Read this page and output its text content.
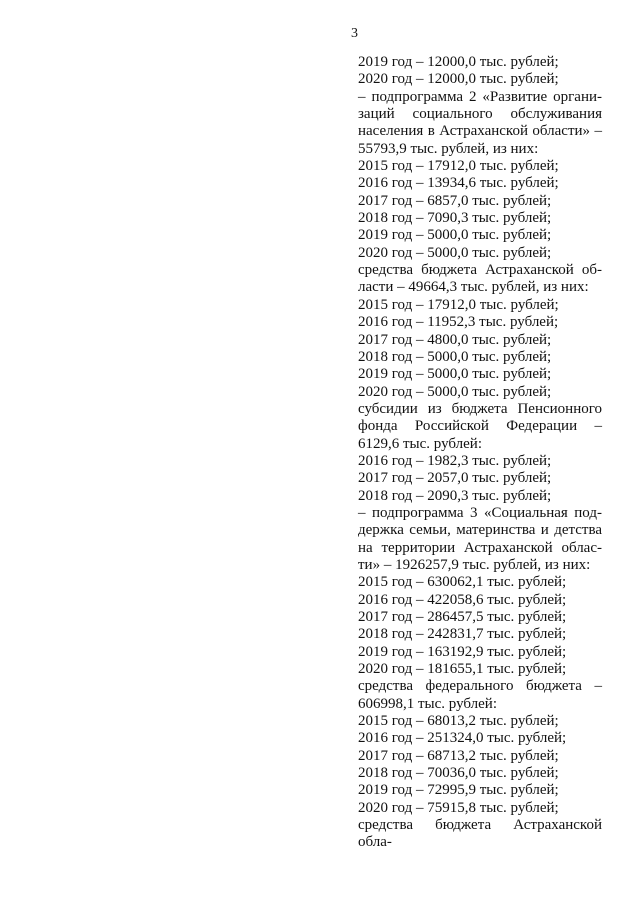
3
2019 год – 12000,0 тыс. рублей;
2020 год – 12000,0 тыс. рублей;
– подпрограмма 2 «Развитие органи-
заций социального обслуживания
населения в Астраханской области» –
55793,9 тыс. рублей, из них:
2015 год – 17912,0 тыс. рублей;
2016 год – 13934,6 тыс. рублей;
2017 год – 6857,0 тыс. рублей;
2018 год – 7090,3 тыс. рублей;
2019 год – 5000,0 тыс. рублей;
2020 год – 5000,0 тыс. рублей;
средства бюджета Астраханской об-
ласти – 49664,3 тыс. рублей, из них:
2015 год – 17912,0 тыс. рублей;
2016 год – 11952,3 тыс. рублей;
2017 год – 4800,0 тыс. рублей;
2018 год – 5000,0 тыс. рублей;
2019 год – 5000,0 тыс. рублей;
2020 год – 5000,0 тыс. рублей;
субсидии из бюджета Пенсионного
фонда Российской Федерации –
6129,6 тыс. рублей:
2016 год – 1982,3 тыс. рублей;
2017 год – 2057,0 тыс. рублей;
2018 год – 2090,3 тыс. рублей;
– подпрограмма 3 «Социальная под-
держка семьи, материнства и детства
на территории Астраханской облас-
ти» – 1926257,9 тыс. рублей, из них:
2015 год – 630062,1 тыс. рублей;
2016 год – 422058,6 тыс. рублей;
2017 год – 286457,5 тыс. рублей;
2018 год – 242831,7 тыс. рублей;
2019 год – 163192,9 тыс. рублей;
2020 год – 181655,1 тыс. рублей;
средства федерального бюджета –
606998,1 тыс. рублей:
2015 год – 68013,2 тыс. рублей;
2016 год – 251324,0 тыс. рублей;
2017 год – 68713,2 тыс. рублей;
2018 год – 70036,0 тыс. рублей;
2019 год – 72995,9 тыс. рублей;
2020 год – 75915,8 тыс. рублей;
средства бюджета Астраханской обла-
